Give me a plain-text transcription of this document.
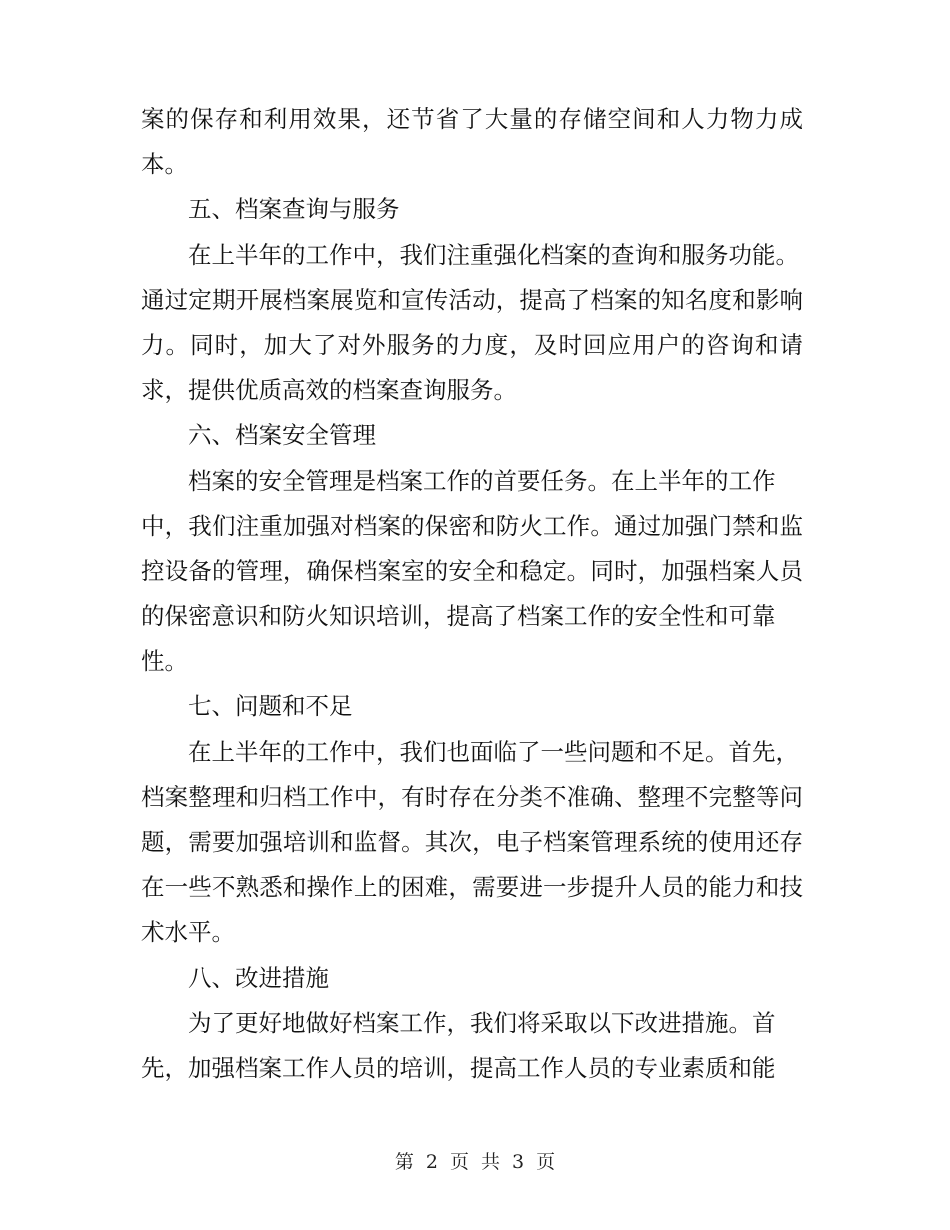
案的保存和利用效果，还节省了大量的存储空间和人力物力成
本。
五、档案查询与服务
在上半年的工作中，我们注重强化档案的查询和服务功能。
通过定期开展档案展览和宣传活动，提高了档案的知名度和影响
力。同时，加大了对外服务的力度，及时回应用户的咨询和请
求，提供优质高效的档案查询服务。
六、档案安全管理
档案的安全管理是档案工作的首要任务。在上半年的工作
中，我们注重加强对档案的保密和防火工作。通过加强门禁和监
控设备的管理，确保档案室的安全和稳定。同时，加强档案人员
的保密意识和防火知识培训，提高了档案工作的安全性和可靠
性。
七、问题和不足
在上半年的工作中，我们也面临了一些问题和不足。首先，
档案整理和归档工作中，有时存在分类不准确、整理不完整等问
题，需要加强培训和监督。其次，电子档案管理系统的使用还存
在一些不熟悉和操作上的困难，需要进一步提升人员的能力和技
术水平。
八、改进措施
为了更好地做好档案工作，我们将采取以下改进措施。首
先，加强档案工作人员的培训，提高工作人员的专业素质和能
第 2 页 共 3 页
